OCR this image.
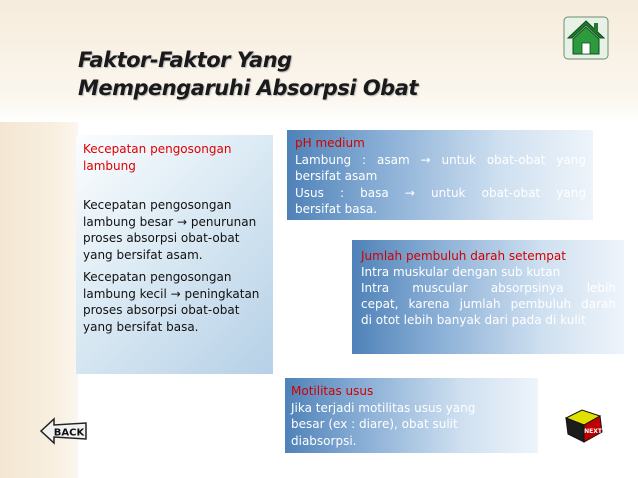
Faktor-Faktor Yang
Mempengaruhi Absorpsi Obat

Kecepatan pengosongan
lambung

Kecepatan pengosongan
lambung besar → penurunan
proses absorpsi obat-obat
yang bersifat asam.

Kecepatan pengosongan
lambung kecil → peningkatan
proses absorpsi obat-obat
yang bersifat basa.

pH medium

Lambung : asam → untuk obat-obat yang

bersifat asam

Usus : basa → untuk obat-obat yang

bersifat basa.

Jumlah pembuluh darah setempat

Intra muskular dengan sub kutan

Intra muscular absorpsinya lebih

cepat, karena jumlah pembuluh darah

di otot lebih banyak dari pada di kulit

Motilitas usus

Jika terjadi motilitas usus yang

besar (ex : diare), obat sulit

diabsorpsi.

BACK	NEXT
